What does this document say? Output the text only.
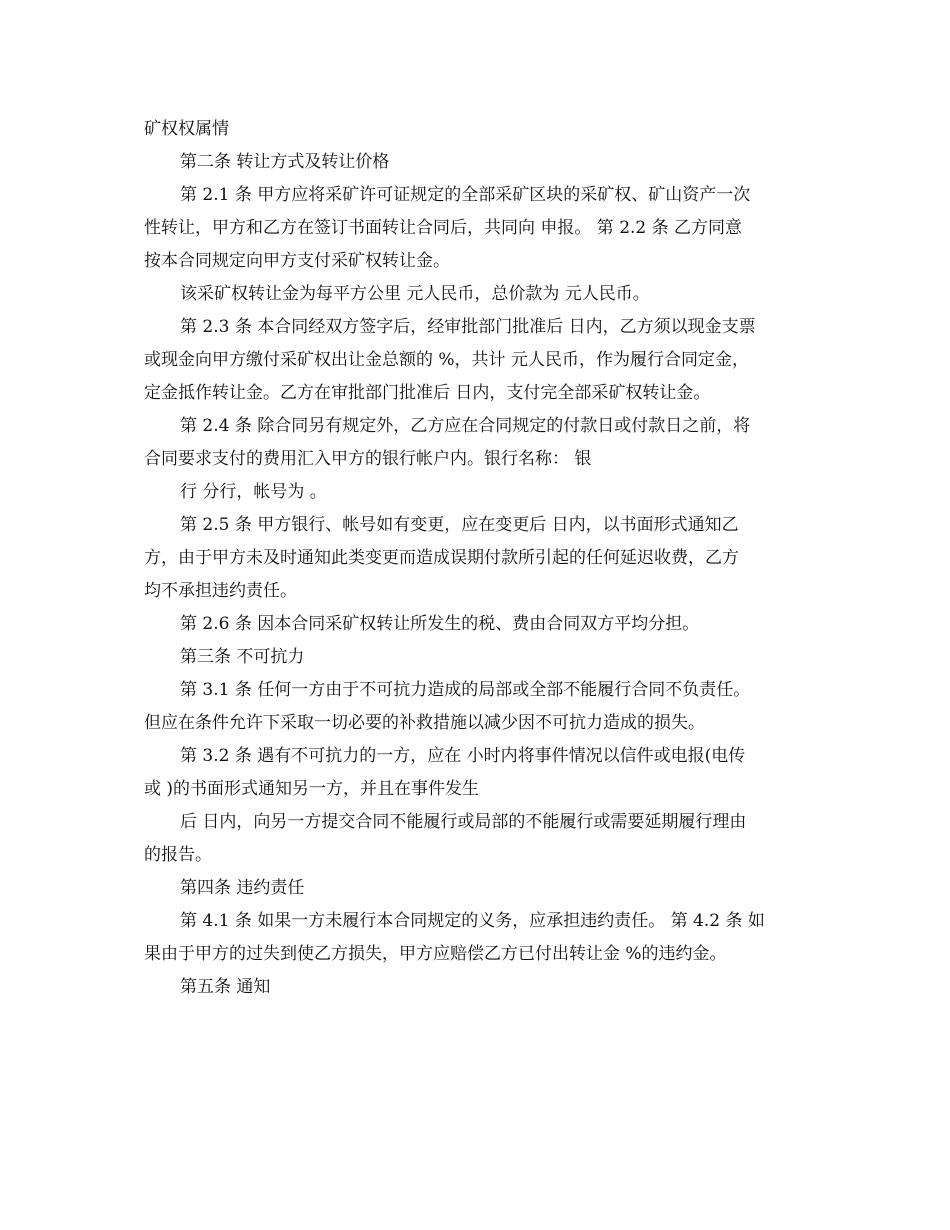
矿权权属情
第二条 转让方式及转让价格
第 2.1 条 甲方应将采矿许可证规定的全部采矿区块的采矿权、矿山资产一次
性转让，甲方和乙方在签订书面转让合同后，共同向 申报。 第 2.2 条 乙方同意
按本合同规定向甲方支付采矿权转让金。
该采矿权转让金为每平方公里 元人民币，总价款为 元人民币。
第 2.3 条 本合同经双方签字后，经审批部门批准后 日内，乙方须以现金支票
或现金向甲方缴付采矿权出让金总额的 %，共计 元人民币，作为履行合同定金，
定金抵作转让金。乙方在审批部门批准后 日内，支付完全部采矿权转让金。
第 2.4 条 除合同另有规定外，乙方应在合同规定的付款日或付款日之前，将
合同要求支付的费用汇入甲方的银行帐户内。银行名称： 银
行 分行，帐号为 。
第 2.5 条 甲方银行、帐号如有变更，应在变更后 日内，以书面形式通知乙
方，由于甲方未及时通知此类变更而造成误期付款所引起的任何延迟收费，乙方
均不承担违约责任。
第 2.6 条 因本合同采矿权转让所发生的税、费由合同双方平均分担。
第三条 不可抗力
第 3.1 条 任何一方由于不可抗力造成的局部或全部不能履行合同不负责任。
但应在条件允许下采取一切必要的补救措施以减少因不可抗力造成的损失。
第 3.2 条 遇有不可抗力的一方，应在 小时内将事件情况以信件或电报(电传
或 )的书面形式通知另一方，并且在事件发生
后 日内，向另一方提交合同不能履行或局部的不能履行或需要延期履行理由
的报告。
第四条 违约责任
第 4.1 条 如果一方未履行本合同规定的义务，应承担违约责任。 第 4.2 条 如
果由于甲方的过失到使乙方损失，甲方应赔偿乙方已付出转让金 %的违约金。
第五条 通知
